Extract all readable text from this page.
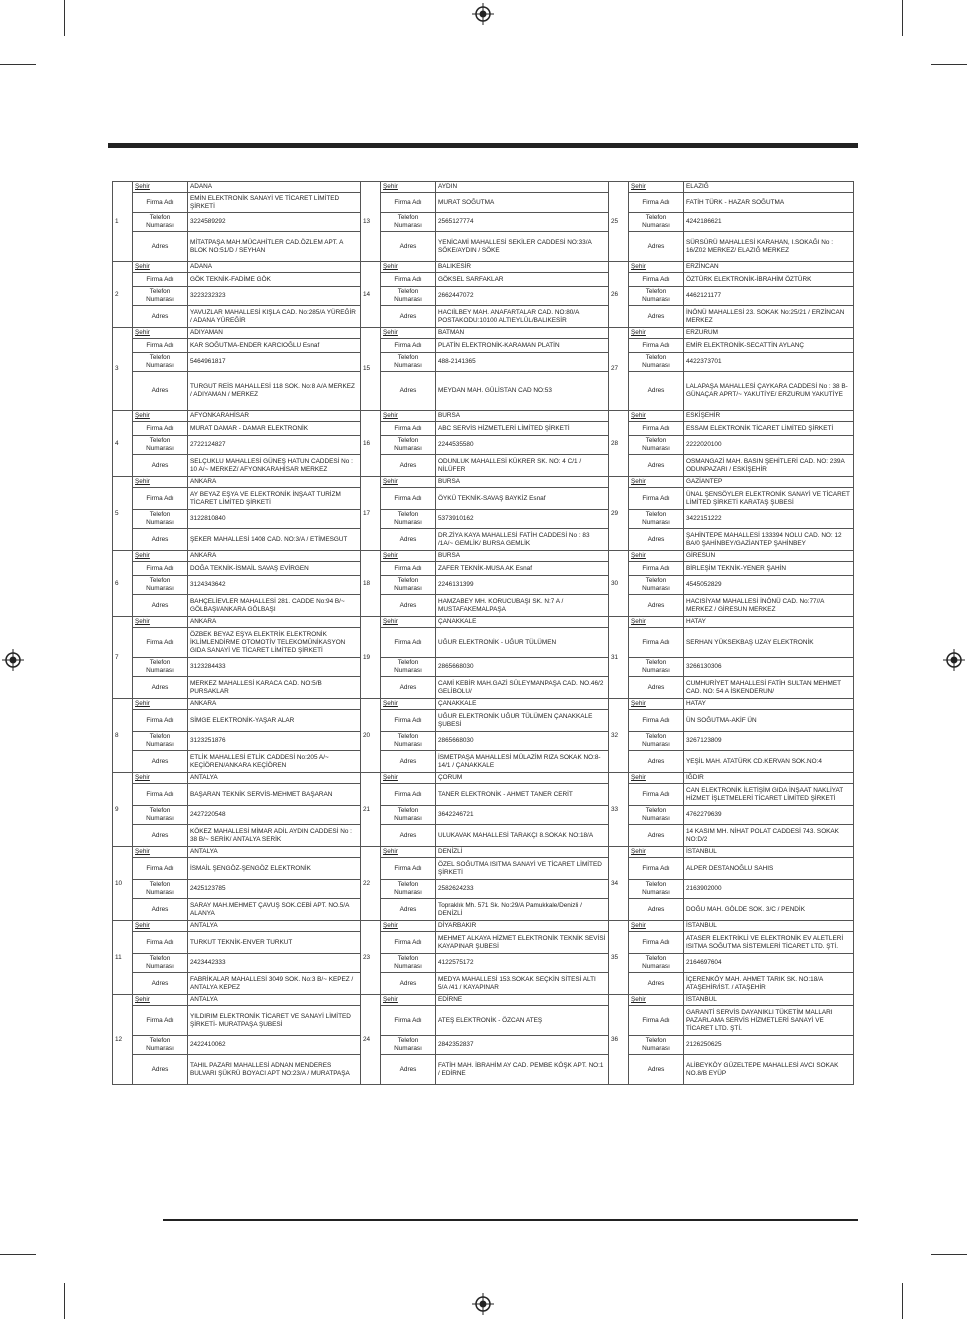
1	Şehir	ADANA	13	Şehir	AYDIN	25	Şehir	ELAZIĞ
	Firma Adı	EMİN ELEKTRONİK SANAYİ VE TİCARET LİMİTED ŞİRKETİ		Firma Adı	MURAT SOĞUTMA		Firma Adı	FATİH TÜRK - HAZAR SOĞUTMA
	Telefon Numarası	3224589292		Telefon Numarası	2565127774		Telefon Numarası	4242186621
	Adres	MİTATPAŞA MAH.MÜCAHİTLER CAD.ÖZLEM APT. A BLOK NO:51/D / SEYHAN		Adres	YENİCAMİ MAHALLESİ SEKİLER CADDESİ NO:33/A SÖKE/AYDIN / SÖKE		Adres	SÜRSÜRÜ MAHALLESİ KARAHAN, I.SOKAĞI No : 16/Z02 MERKEZ/ ELAZIĞ MERKEZ
2	Şehir	ADANA	14	Şehir	BALIKESİR	26	Şehir	ERZİNCAN
	Firma Adı	GÖK TEKNİK-FADİME GÖK		Firma Adı	GÖKSEL SARFAKLAR		Firma Adı	ÖZTÜRK ELEKTRONİK-İBRAHİM ÖZTÜRK
	Telefon Numarası	3223232323		Telefon Numarası	2662447072		Telefon Numarası	4462121177
	Adres	YAVUZLAR MAHALLESİ KIŞLA CAD. No:285/A YÜREĞİR / ADANA YÜREĞİR		Adres	HACIİLBEY MAH. ANAFARTALAR CAD. NO:80/A POSTAKODU:10100 ALTIEYLÜL/BALIKESİR		Adres	İNÖNÜ MAHALLESİ 23. SOKAK No:25/21 / ERZİNCAN MERKEZ
3	Şehir	ADIYAMAN	15	Şehir	BATMAN	27	Şehir	ERZURUM
	Firma Adı	KAR SOĞUTMA-ENDER KARCIOĞLU Esnaf		Firma Adı	PLATİN ELEKTRONİK-KARAMAN PLATİN		Firma Adı	EMİR ELEKTRONİK-SECATTİN AYLANÇ
	Telefon Numarası	5464961817		Telefon Numarası	488-2141365		Telefon Numarası	4422373701
	Adres	TURGUT REİS MAHALLESİ 118 SOK. No:8 A/A MERKEZ / ADIYAMAN / MERKEZ		Adres	MEYDAN MAH. GÜLİSTAN CAD NO:53		Adres	LALAPAŞA MAHALLESİ ÇAYKARA CADDESİ No : 38 B-GÜNAÇAR APRT/~ YAKUTİYE/ ERZURUM YAKUTİYE
4	Şehir	AFYONKARAHİSAR	16	Şehir	BURSA	28	Şehir	ESKİŞEHİR
	Firma Adı	MURAT DAMAR - DAMAR ELEKTRONİK		Firma Adı	ABC SERVİS HİZMETLERİ LİMİTED ŞİRKETİ		Firma Adı	ESSAM ELEKTRONİK TİCARET LİMİTED ŞİRKETİ
	Telefon Numarası	2722124827		Telefon Numarası	2244535580		Telefon Numarası	2222020100
	Adres	SELÇUKLU MAHALLESİ GÜNEŞ HATUN CADDESİ No : 10 A/~ MERKEZ/ AFYONKARAHİSAR MERKEZ		Adres	ODUNLUK MAHALLESİ KÜKRER SK. NO: 4 C/1 / NİLÜFER		Adres	OSMANGAZİ MAH. BASIN ŞEHİTLERİ CAD. NO: 239A ODUNPAZARI / ESKİŞEHİR
5	Şehir	ANKARA	17	Şehir	BURSA	29	Şehir	GAZİANTEP
	Firma Adı	AY BEYAZ EŞYA VE ELEKTRONİK İNŞAAT TURİZM TİCARET LİMİTED ŞİRKETİ		Firma Adı	ÖYKÜ TEKNİK-SAVAŞ BAYKİZ Esnaf		Firma Adı	ÜNAL ŞENSÖYLER ELEKTRONİK SANAYİ VE TİCARET LİMİTED ŞİRKETİ KARATAŞ ŞUBESİ
	Telefon Numarası	3122810840		Telefon Numarası	5373910162		Telefon Numarası	3422151222
	Adres	ŞEKER MAHALLESİ 1408 CAD. NO:3/A / ETİMESGUT		Adres	DR.ZİYA KAYA MAHALLESİ FATİH CADDESİ No : 83 /1A/~ GEMLİK/ BURSA GEMLİK		Adres	ŞAHİNTEPE MAHALLESİ 133394 NOLU CAD. NO: 12 BA/0 ŞAHİNBEY/GAZİANTEP ŞAHİNBEY
6	Şehir	ANKARA	18	Şehir	BURSA	30	Şehir	GİRESUN
	Firma Adı	DOĞA TEKNİK-İSMAİL SAVAŞ EVİRGEN		Firma Adı	ZAFER TEKNİK-MUSA AK Esnaf		Firma Adı	BİRLEŞİM TEKNİK-YENER ŞAHİN
	Telefon Numarası	3124343642		Telefon Numarası	2246131399		Telefon Numarası	4545052829
	Adres	BAHÇELİEVLER MAHALLESİ 281. CADDE No:94 B/~ GÖLBAŞI/ANKARA GÖLBAŞI		Adres	HAMZABEY MH. KORUCUBAŞI SK. N:7 A / MUSTAFAKEMALPAŞA		Adres	HACISİYAM MAHALLESİ İNÖNÜ CAD. No:77//A MERKEZ / GİRESUN MERKEZ
7	Şehir	ANKARA	19	Şehir	ÇANAKKALE	31	Şehir	HATAY
	Firma Adı	ÖZBEK BEYAZ EŞYA ELEKTRİK ELEKTRONİK İKLİMLENDİRME OTOMOTİV TELEKOMÜNİKASYON GIDA SANAYİ VE TİCARET LİMİTED ŞİRKETİ		Firma Adı	UĞUR ELEKTRONİK - UĞUR TÜLÜMEN		Firma Adı	SERHAN YÜKSEKBAŞ UZAY ELEKTRONİK
	Telefon Numarası	3123284433		Telefon Numarası	2865668030		Telefon Numarası	3266130306
	Adres	MERKEZ MAHALLESİ KARACA CAD. NO:5/B PURSAKLAR		Adres	CAMİ KEBİR MAH.GAZİ SÜLEYMANPAŞA CAD. NO.46/2 GELİBOLU/		Adres	CUMHURİYET MAHALLESİ FATİH SULTAN MEHMET CAD. NO: 54 A İSKENDERUN/
8	Şehir	ANKARA	20	Şehir	ÇANAKKALE	32	Şehir	HATAY
	Firma Adı	SİMGE ELEKTRONİK-YAŞAR ALAR		Firma Adı	UĞUR ELEKTRONİK UĞUR TÜLÜMEN ÇANAKKALE ŞUBESİ		Firma Adı	ÜN SOĞUTMA-AKİF ÜN
	Telefon Numarası	3123251876		Telefon Numarası	2865668030		Telefon Numarası	3267123809
	Adres	ETLİK MAHALLESİ ETLİK CADDESİ No:205 A/~ KEÇİÖREN/ANKARA KEÇİÖREN		Adres	İSMETPAŞA MAHALLESİ MÜLAZİM RIZA SOKAK NO:8-14/1 / ÇANAKKALE		Adres	YEŞİL MAH. ATATÜRK CD.KERVAN SOK.NO:4
9	Şehir	ANTALYA	21	Şehir	ÇORUM	33	Şehir	IĞDIR
	Firma Adı	BAŞARAN TEKNİK SERVİS-MEHMET BAŞARAN		Firma Adı	TANER ELEKTRONİK - AHMET TANER CERİT		Firma Adı	CAN ELEKTRONİK İLETİŞİM GIDA İNŞAAT NAKLİYAT HİZMET İŞLETMELERİ TİCARET LİMİTED ŞİRKETİ
	Telefon Numarası	2427220548		Telefon Numarası	3642246721		Telefon Numarası	4762279639
	Adres	KÖKEZ MAHALLESİ MİMAR ADİL AYDIN CADDESİ No : 38 B/~ SERİK/ ANTALYA SERİK		Adres	ULUKAVAK MAHALLESİ TARAKÇI 8.SOKAK NO:18/A		Adres	14 KASIM MH. NİHAT POLAT CADDESİ 743. SOKAK NO:D/2
10	Şehir	ANTALYA	22	Şehir	DENİZLİ	34	Şehir	İSTANBUL
	Firma Adı	İSMAİL ŞENGÖZ-ŞENGÖZ ELEKTRONİK		Firma Adı	ÖZEL SOĞUTMA ISITMA SANAYİ VE TİCARET LİMİTED ŞİRKETİ		Firma Adı	ALPER DESTANOĞLU SAHIS
	Telefon Numarası	2425123785		Telefon Numarası	2582624233		Telefon Numarası	2163902000
	Adres	SARAY MAH.MEHMET ÇAVUŞ SOK.CEBİ APT. NO.5/A ALANYA		Adres	Topraklık Mh. 571 Sk. No:29/A Pamukkale/Denizli / DENİZLİ		Adres	DOĞU MAH. GÖLDE SOK. 3/C / PENDİK
11	Şehir	ANTALYA	23	Şehir	DİYARBAKIR	35	Şehir	İSTANBUL
	Firma Adı	TURKUT TEKNİK-ENVER TURKUT		Firma Adı	MEHMET ALKAYA HİZMET ELEKTRONİK TEKNİK SEVİSİ KAYAPINAR ŞUBESİ		Firma Adı	ATASER ELEKTRİKLİ VE ELEKTRONİK EV ALETLERİ ISITMA SOĞUTMA SİSTEMLERİ TİCARET LTD. ŞTİ.
	Telefon Numarası	2423442333		Telefon Numarası	4122575172		Telefon Numarası	2164697604
	Adres	FABRİKALAR MAHALLESİ 3049 SOK. No:3 B/~ KEPEZ / ANTALYA KEPEZ		Adres	MEDYA MAHALLESİ 153.SOKAK SEÇKİN SİTESİ ALTI 5/A /41 / KAYAPINAR		Adres	İÇERENKÖY MAH. AHMET TARIK SK. NO:18/A ATAŞEHİR/İST. / ATAŞEHİR
12	Şehir	ANTALYA	24	Şehir	EDİRNE	36	Şehir	İSTANBUL
	Firma Adı	YILDIRIM ELEKTRONİK TİCARET VE SANAYİ LİMİTED ŞİRKETİ- MURATPAŞA ŞUBESİ		Firma Adı	ATEŞ ELEKTRONİK - ÖZCAN ATEŞ		Firma Adı	GARANTİ SERVİS DAYANIKLI TÜKETİM MALLARI PAZARLAMA SERVİS HİZMETLERİ SANAYİ VE TİCARET LTD. ŞTİ.
	Telefon Numarası	2422410062		Telefon Numarası	2842352837		Telefon Numarası	2126250625
	Adres	TAHIL PAZARI MAHALLESİ ADNAN MENDERES BULVARI ŞÜKRÜ BOYACI APT NO:23/A / MURATPAŞA		Adres	FATİH MAH. İBRAHİM AY CAD. PEMBE KÖŞK APT. NO:1 / EDİRNE		Adres	ALİBEYKÖY GÜZELTEPE MAHALLESİ AVCI SOKAK NO.8/B EYÜP
